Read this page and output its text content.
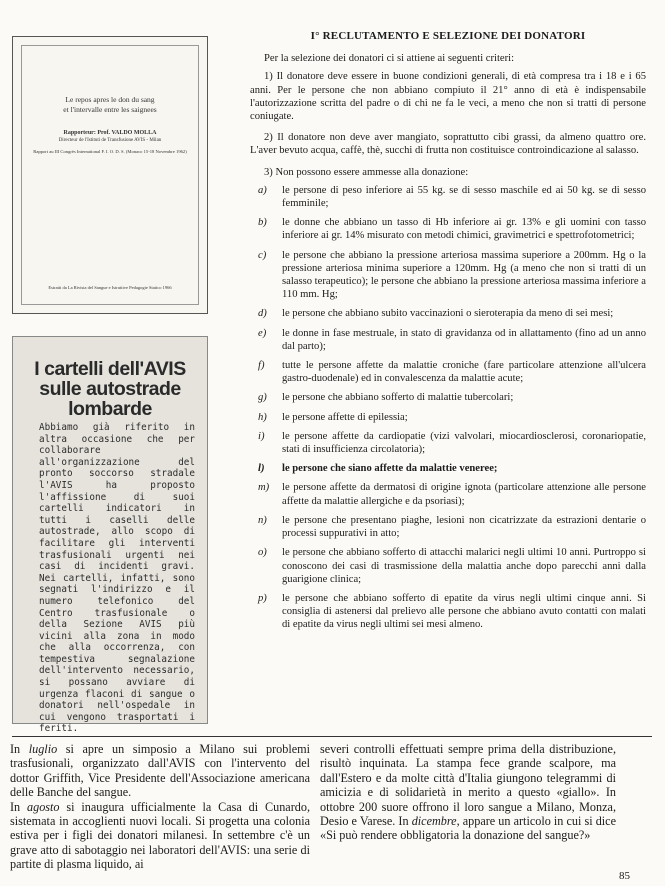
Le repos apres le don du sang
et l'intervalle entre les saignees
Rapporteur: Prof. VALDO MOLLA
Directeur de l'Istituti de Transfusione AVIS - Milan
Rapport au III Congrès International F. I. O. D. S. (Monaco 15-18 Novembre 1962)
Estratti da La Rivista del Sangue e Istruttive Pedagogie Statico 1966
I cartelli dell'AVIS
sulle autostrade
lombarde
Abbiamo già riferito in altra occasione che per collaborare all'organizzazione del pronto soccorso stradale l'AVIS ha proposto l'affissione di suoi cartelli indicatori in tutti i caselli delle autostrade, allo scopo di facilitare gli interventi trasfusionali urgenti nei casi di incidenti gravi. Nei cartelli, infatti, sono segnati l'indirizzo e il numero telefonico del Centro trasfusionale o della Sezione AVIS più vicini alla zona in modo che alla occorrenza, con tempestiva segnalazione dell'intervento necessario, si possano avviare di urgenza flaconi di sangue o donatori nell'ospedale in cui vengono trasportati i feriti.
I° RECLUTAMENTO E SELEZIONE DEI DONATORI

Per la selezione dei donatori ci si attiene ai seguenti criteri:

1) Il donatore deve essere in buone condizioni generali, di età compresa tra i 18 e i 65 anni. Per le persone che non abbiano compiuto il 21° anno di età è indispensabile l'autorizzazione scritta del padre o di chi ne fa le veci, a meno che non si tratti di persone coniugate.

2) Il donatore non deve aver mangiato, soprattutto cibi grassi, da almeno quattro ore. L'aver bevuto acqua, caffè, thè, succhi di frutta non costituisce controindicazione al salasso.

3) Non possono essere ammesse alla donazione:

a) le persone di peso inferiore ai 55 kg. se di sesso maschile ed ai 50 kg. se di sesso femminile;
b) le donne che abbiano un tasso di Hb inferiore ai gr. 13% e gli uomini con tasso inferiore ai gr. 14% misurato con metodi chimici, gravimetrici e spettrofotometrici;
c) le persone che abbiano la pressione arteriosa massima superiore a 200mm. Hg o la pressione arteriosa minima superiore a 120mm. Hg (a meno che non si tratti di un salasso terapeutico); le persone che abbiano la pressione arteriosa massima inferiore a 110 mm. Hg;
d) le persone che abbiano subito vaccinazioni o sieroterapia da meno di sei mesi;
e) le donne in fase mestruale, in stato di gravidanza od in allattamento (fino ad un anno dal parto);
f) tutte le persone affette da malattie croniche (fare particolare attenzione all'ulcera gastro-duodenale) ed in convalescenza da malattie acute;
g) le persone che abbiano sofferto di malattie tubercolari;
h) le persone affette di epilessia;
i) le persone affette da cardiopatie (vizi valvolari, miocardiosclerosi, coronariopatie, stati di insufficienza circolatoria);
l) le persone che siano affette da malattie veneree;
m) le persone affette da dermatosi di origine ignota (particolare attenzione alle persone affette da malattie allergiche e da psoriasi);
n) le persone che presentano piaghe, lesioni non cicatrizzate da estrazioni dentarie o processi suppurativi in atto;
o) le persone che abbiano sofferto di attacchi malarici negli ultimi 10 anni. Purtroppo si conoscono dei casi di trasmissione della malattia anche dopo parecchi anni dalla guarigione clinica;
p) le persone che abbiano sofferto di epatite da virus negli ultimi cinque anni. Si consiglia di astenersi dal prelievo alle persone che abbiano avuto contatti con malati di epatite da virus negli ultimi sei mesi almeno.

In luglio si apre un simposio a Milano sui problemi trasfusionali, organizzato dall'AVIS con l'intervento del dottor Griffith, Vice Presidente dell'Associazione americana delle Banche del sangue.

In agosto si inaugura ufficialmente la Casa di Cunardo, sistemata in accoglienti nuovi locali. Si progetta una colonia estiva per i figli dei donatori milanesi. In settembre c'è un grave atto di sabotaggio nei laboratori dell'AVIS: una serie di partite di plasma liquido, ai

severi controlli effettuati sempre prima della distribuzione, risultò inquinata. La stampa fece grande scalpore, ma dall'Estero e da molte città d'Italia giungono telegrammi di amicizia e di solidarietà in merito a questo «giallo». In ottobre 200 suore offrono il loro sangue a Milano, Monza, Desio e Varese. In dicembre, appare un articolo in cui si dice «Si può rendere obbligatoria la donazione del sangue?»

85
